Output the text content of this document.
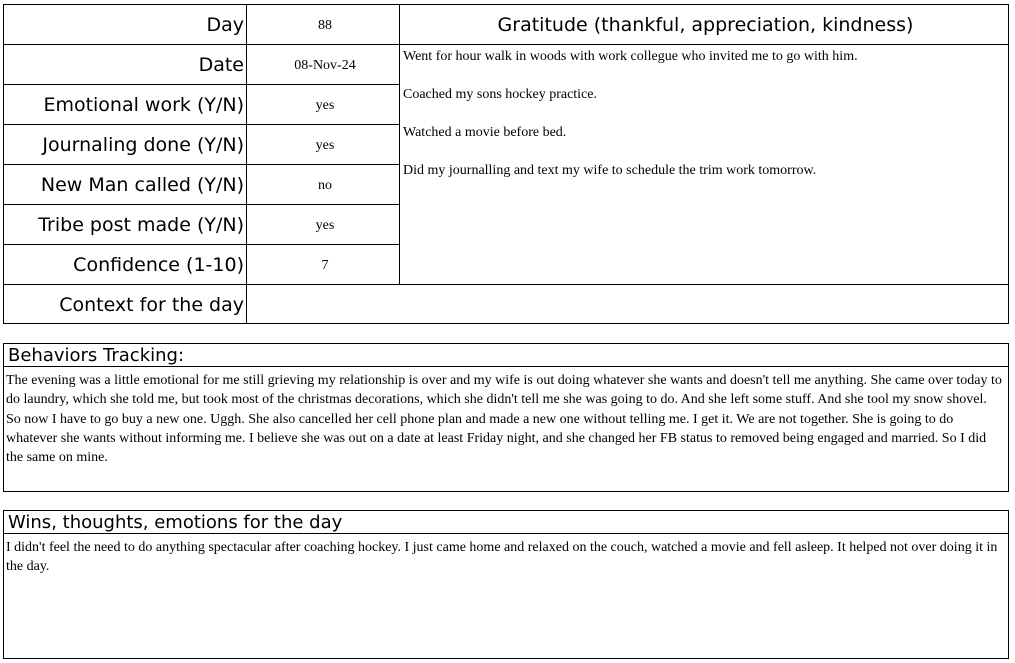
Day
Date
Emotional work (Y/N)
Journaling done (Y/N)
New Man called (Y/N)
Tribe post made (Y/N)
Confidence (1-10)
Context for the day
88
08-Nov-24
yes
yes
no
yes
7
Gratitude (thankful, appreciation, kindness)

Went for hour walk in woods with work collegue who invited me to go with him.

Coached my sons hockey practice.

Watched a movie before bed.

Did my journalling and text my wife to schedule the trim work tomorrow.

Behaviors Tracking:
The evening was a little emotional for me still grieving my relationship is over and my wife is out doing whatever she wants and doesn't tell me anything. She came over today to do laundry, which she told me, but took most of the christmas decorations, which she didn't tell me she was going to do. And she left some stuff. And she tool my snow shovel. So now I have to go buy a new one. Uggh. She also cancelled her cell phone plan and made a new one without telling me. I get it. We are not together. She is going to do whatever she wants without informing me. I believe she was out on a date at least Friday night, and she changed her FB status to removed being engaged and married. So I did the same on mine.
Wins, thoughts, emotions for the day
I didn't feel the need to do anything spectacular after coaching hockey. I just came home and relaxed on the couch, watched a movie and fell asleep. It helped not over doing it in the day.
